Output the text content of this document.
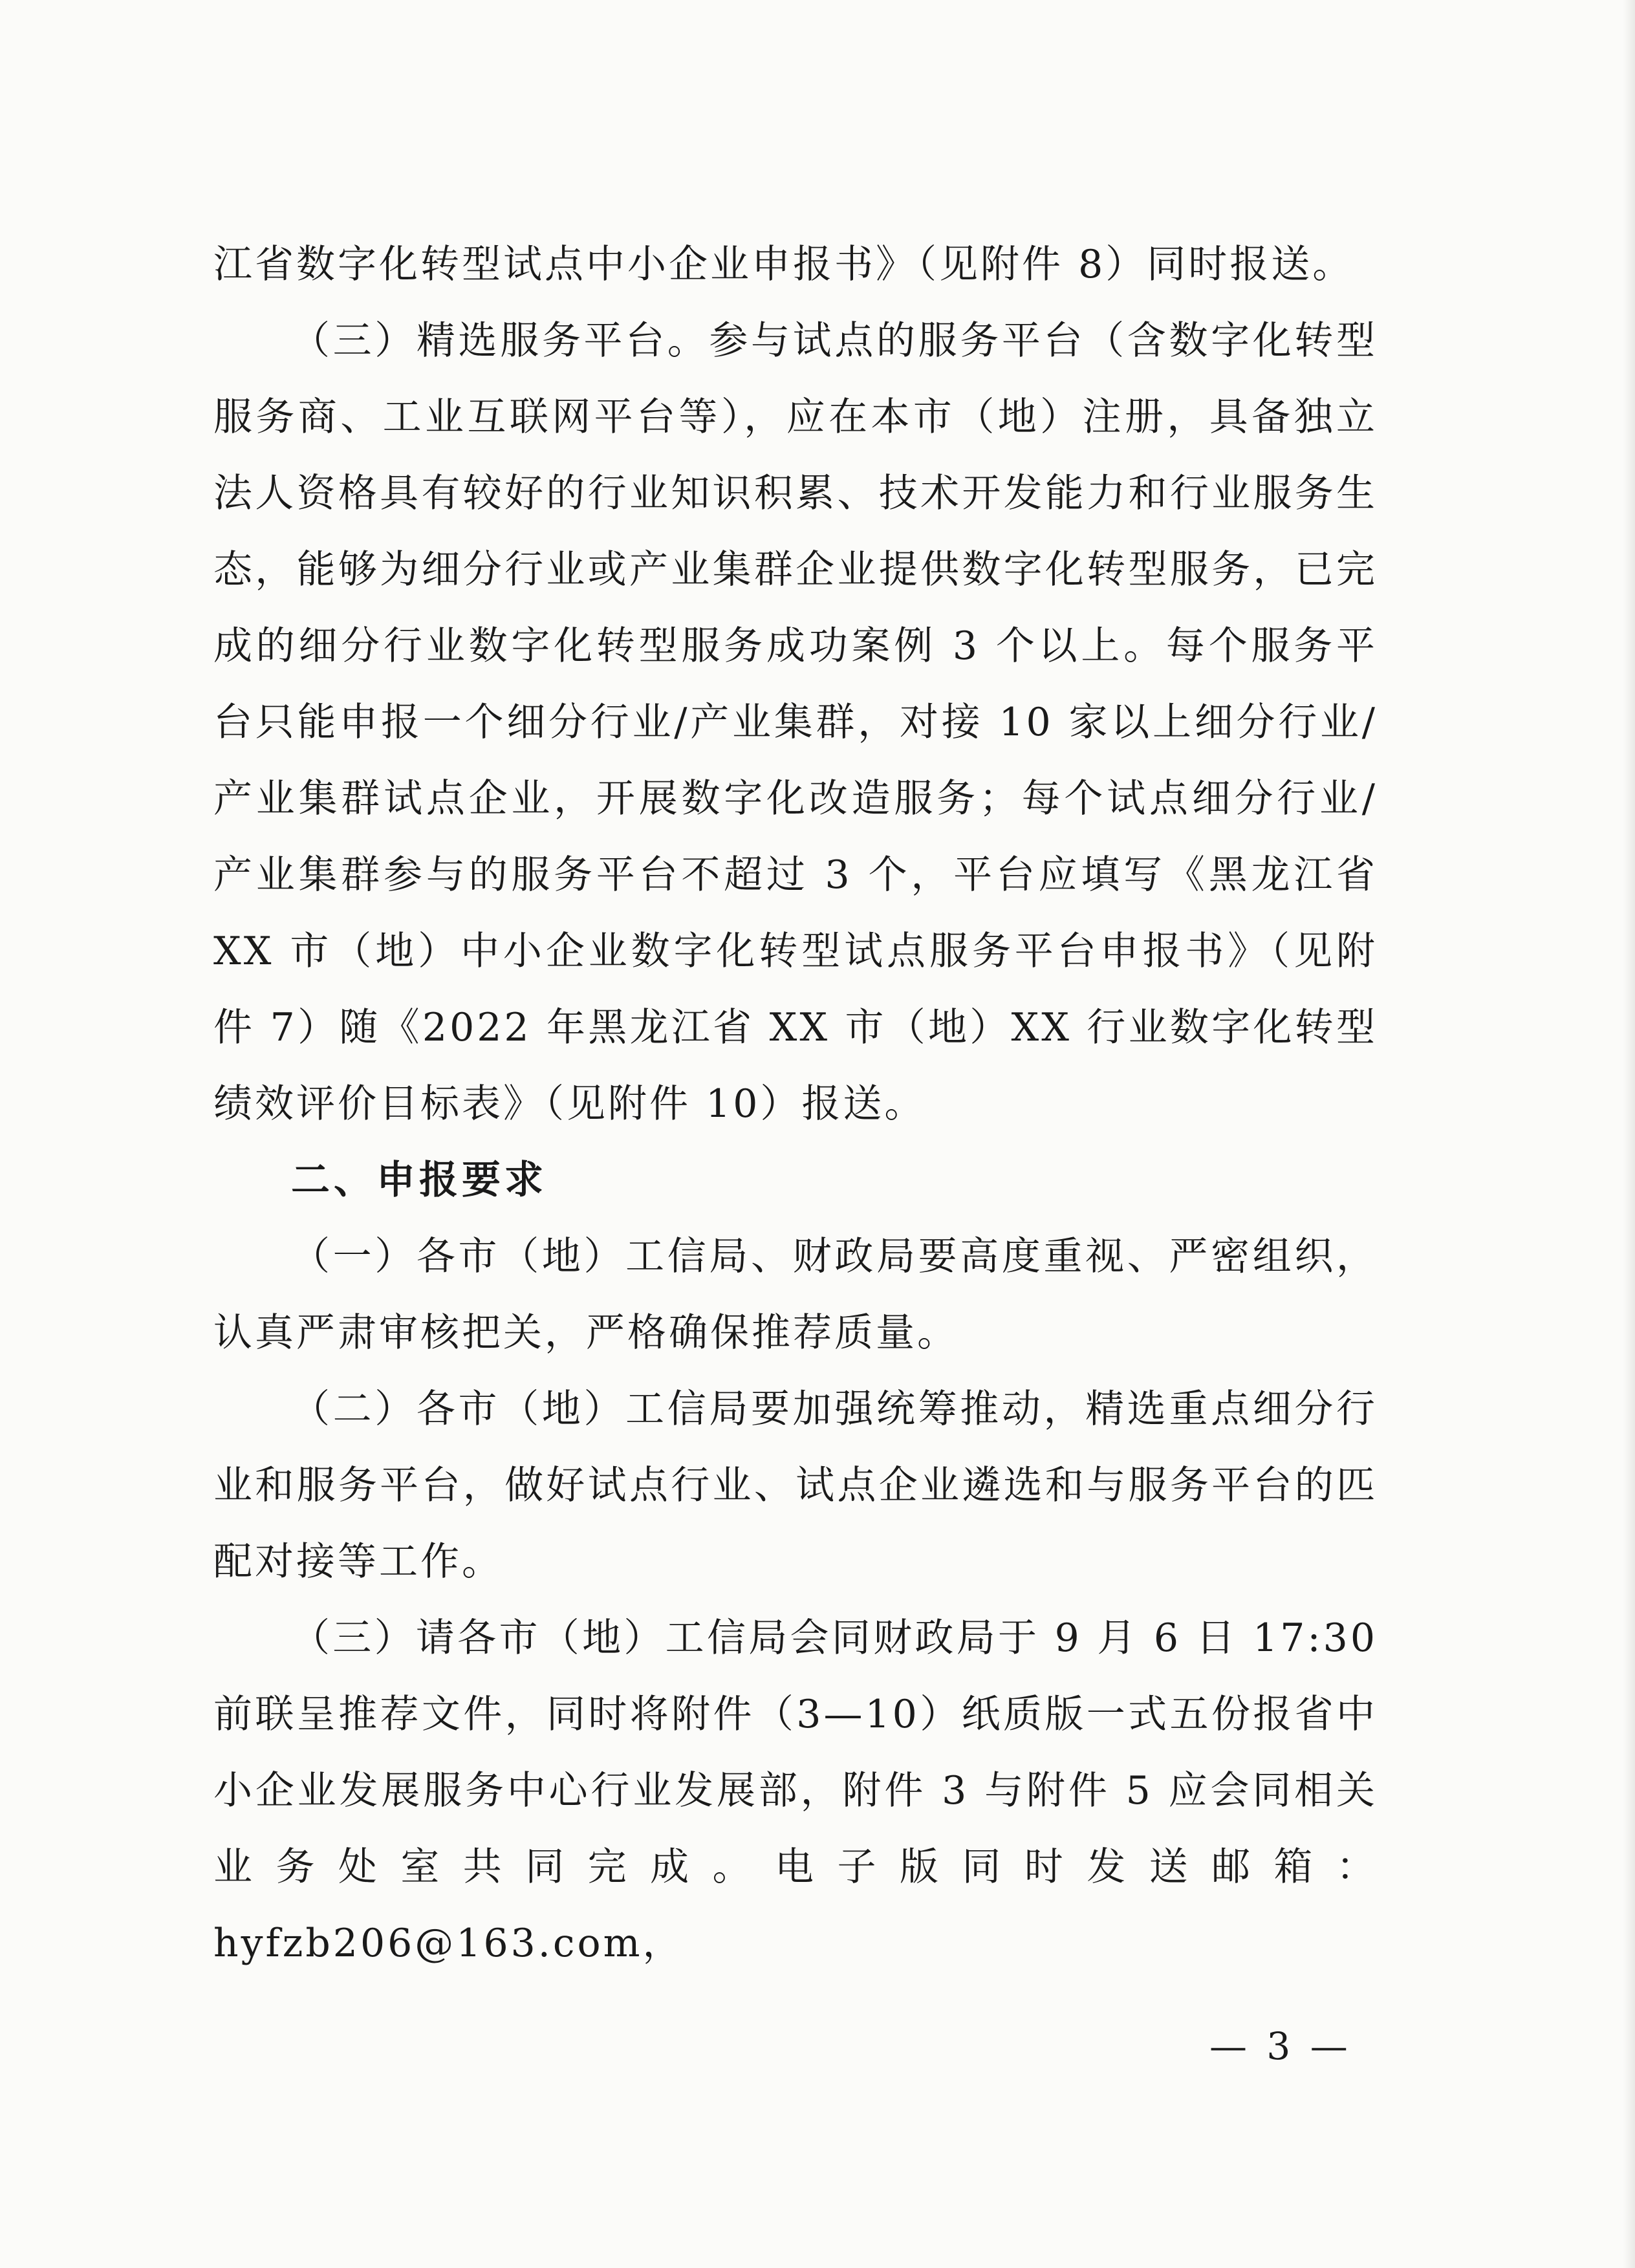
江省数字化转型试点中小企业申报书》（见附件 8）同时报送。

（三）精选服务平台。参与试点的服务平台（含数字化转型服务商、工业互联网平台等），应在本市（地）注册，具备独立法人资格具有较好的行业知识积累、技术开发能力和行业服务生态，能够为细分行业或产业集群企业提供数字化转型服务，已完成的细分行业数字化转型服务成功案例 3 个以上。每个服务平台只能申报一个细分行业/产业集群，对接 10 家以上细分行业/产业集群试点企业，开展数字化改造服务；每个试点细分行业/产业集群参与的服务平台不超过 3 个，平台应填写《黑龙江省 XX 市（地）中小企业数字化转型试点服务平台申报书》（见附件 7）随《2022 年黑龙江省 XX 市（地）XX 行业数字化转型绩效评价目标表》（见附件 10）报送。

二、申报要求

（一）各市（地）工信局、财政局要高度重视、严密组织，认真严肃审核把关，严格确保推荐质量。

（二）各市（地）工信局要加强统筹推动，精选重点细分行业和服务平台，做好试点行业、试点企业遴选和与服务平台的匹配对接等工作。

（三）请各市（地）工信局会同财政局于 9 月 6 日 17:30 前联呈推荐文件，同时将附件（3—10）纸质版一式五份报省中小企业发展服务中心行业发展部，附件 3 与附件 5 应会同相关业务处室共同完成。电子版同时发送邮箱：hyfzb206@163.com，

— 3 —
